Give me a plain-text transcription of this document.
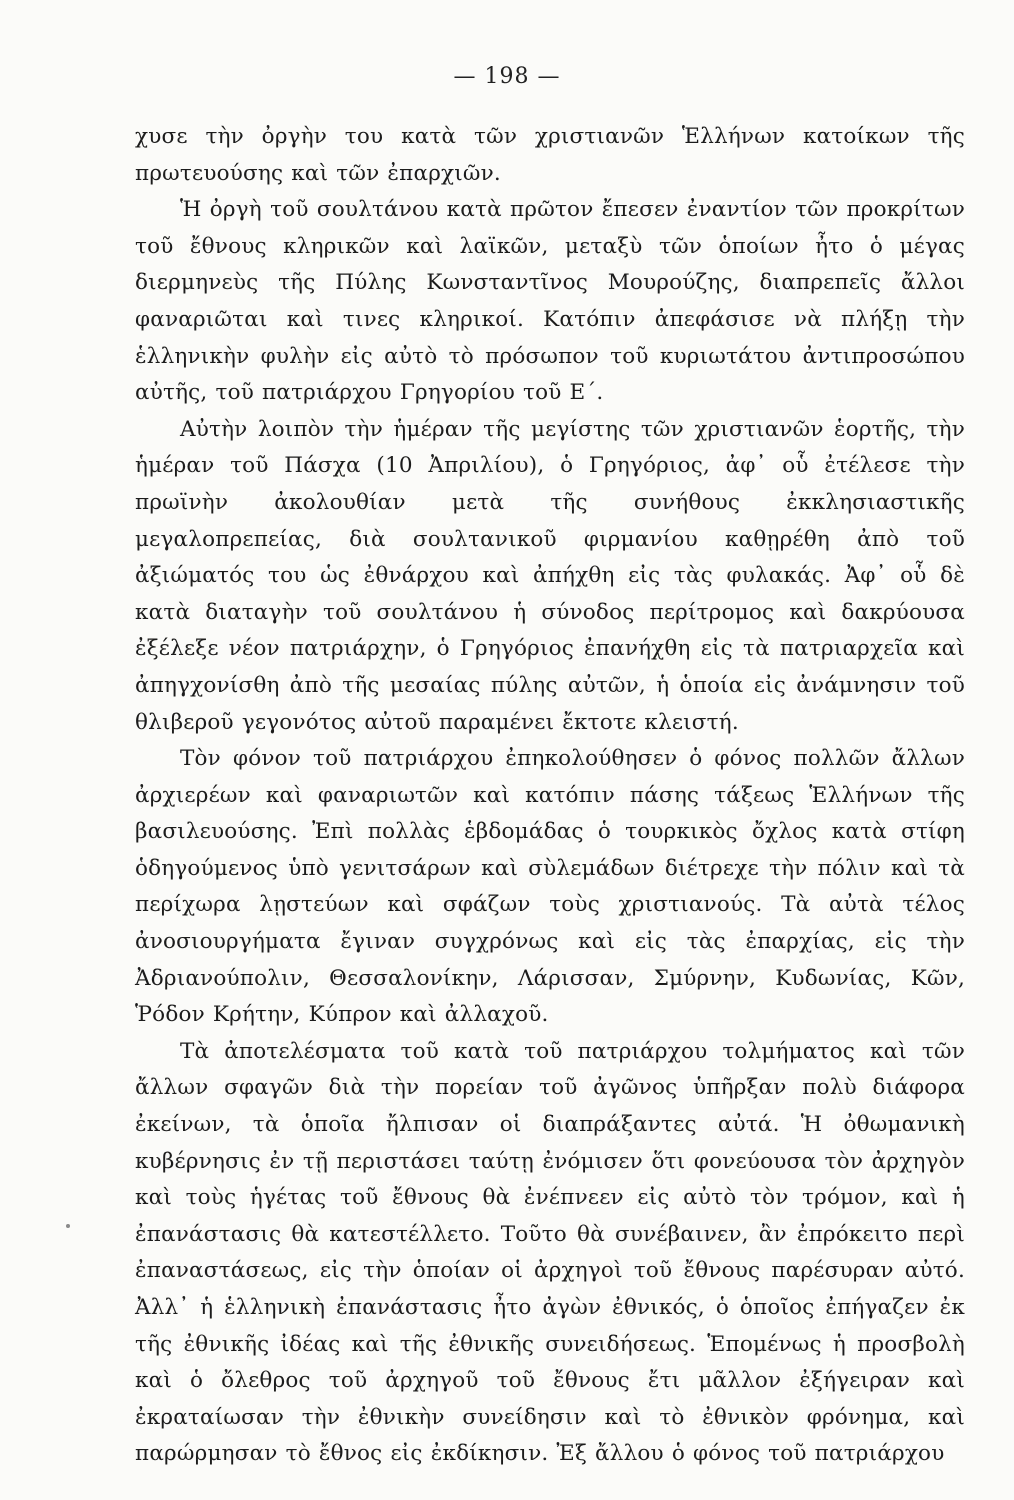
— 198 —

χυσε τὴν ὀργὴν του κατὰ τῶν χριστιανῶν Ἑλλήνων κατοίκων τῆς πρωτευούσης καὶ τῶν ἐπαρχιῶν.

Ἡ ὀργὴ τοῦ σουλτάνου κατὰ πρῶτον ἔπεσεν ἐναντίον τῶν προκρίτων τοῦ ἔθνους κληρικῶν καὶ λαϊκῶν, μεταξὺ τῶν ὁποίων ἦτο ὁ μέγας διερμηνεὺς τῆς Πύλης Κωνσταντῖνος Μουρούζης, διαπρεπεῖς ἄλλοι φαναριῶται καὶ τινες κληρικοί. Κατόπιν ἀπεφάσισε νὰ πλήξῃ τὴν ἑλληνικὴν φυλὴν εἰς αὐτὸ τὸ πρόσωπον τοῦ κυριωτάτου ἀντιπροσώπου αὐτῆς, τοῦ πατριάρχου Γρηγορίου τοῦ Ε΄.

Αὐτὴν λοιπὸν τὴν ἡμέραν τῆς μεγίστης τῶν χριστιανῶν ἑορτῆς, τὴν ἡμέραν τοῦ Πάσχα (10 Ἀπριλίου), ὁ Γρηγόριος, ἀφ᾽ οὗ ἐτέλεσε τὴν πρωϊνὴν ἀκολουθίαν μετὰ τῆς συνήθους ἐκκλησιαστικῆς μεγαλοπρεπείας, διὰ σουλτανικοῦ φιρμανίου καθῃρέθη ἀπὸ τοῦ ἀξιώματός του ὡς ἐθνάρχου καὶ ἀπήχθη εἰς τὰς φυλακάς. Ἀφ᾽ οὗ δὲ κατὰ διαταγὴν τοῦ σουλτάνου ἡ σύνοδος περίτρομος καὶ δακρύουσα ἐξέλεξε νέον πατριάρχην, ὁ Γρηγόριος ἐπανήχθη εἰς τὰ πατριαρχεῖα καὶ ἀπηγχονίσθη ἀπὸ τῆς μεσαίας πύλης αὐτῶν, ἡ ὁποία εἰς ἀνάμνησιν τοῦ θλιβεροῦ γεγονότος αὐτοῦ παραμένει ἔκτοτε κλειστή.

Τὸν φόνον τοῦ πατριάρχου ἐπηκολούθησεν ὁ φόνος πολλῶν ἄλλων ἀρχιερέων καὶ φαναριωτῶν καὶ κατόπιν πάσης τάξεως Ἑλλήνων τῆς βασιλευούσης. Ἐπὶ πολλὰς ἑβδομάδας ὁ τουρκικὸς ὄχλος κατὰ στίφη ὁδηγούμενος ὑπὸ γενιτσάρων καὶ σὺλεμάδων διέτρεχε τὴν πόλιν καὶ τὰ περίχωρα λῃστεύων καὶ σφάζων τοὺς χριστιανούς. Τὰ αὐτὰ τέλος ἀνοσιουργήματα ἔγιναν συγχρόνως καὶ εἰς τὰς ἐπαρχίας, εἰς τὴν Ἀδριανούπολιν, Θεσσαλονίκην, Λάρισσαν, Σμύρνην, Κυδωνίας, Κῶν, Ῥόδον Κρήτην, Κύπρον καὶ ἀλλαχοῦ.

Τὰ ἀποτελέσματα τοῦ κατὰ τοῦ πατριάρχου τολμήματος καὶ τῶν ἄλλων σφαγῶν διὰ τὴν πορείαν τοῦ ἀγῶνος ὑπῆρξαν πολὺ διάφορα ἐκείνων, τὰ ὁποῖα ἤλπισαν οἱ διαπράξαντες αὐτά. Ἡ ὀθωμανικὴ κυβέρνησις ἐν τῇ περιστάσει ταύτῃ ἐνόμισεν ὅτι φονεύουσα τὸν ἀρχηγὸν καὶ τοὺς ἡγέτας τοῦ ἔθνους θὰ ἐνέπνεεν εἰς αὐτὸ τὸν τρόμον, καὶ ἡ ἐπανάστασις θὰ κατεστέλλετο. Τοῦτο θὰ συνέβαινεν, ἂν ἐπρόκειτο περὶ ἐπαναστάσεως, εἰς τὴν ὁποίαν οἱ ἀρχηγοὶ τοῦ ἔθνους παρέσυραν αὐτό. Ἀλλ᾽ ἡ ἑλληνικὴ ἐπανάστασις ἦτο ἀγὼν ἐθνικός, ὁ ὁποῖος ἐπήγαζεν ἐκ τῆς ἐθνικῆς ἰδέας καὶ τῆς ἐθνικῆς συνειδήσεως. Ἑπομένως ἡ προσβολὴ καὶ ὁ ὄλεθρος τοῦ ἀρχηγοῦ τοῦ ἔθνους ἔτι μᾶλλον ἐξήγειραν καὶ ἐκραταίωσαν τὴν ἐθνικὴν συνείδησιν καὶ τὸ ἐθνικὸν φρόνημα, καὶ παρώρμησαν τὸ ἔθνος εἰς ἐκδίκησιν. Ἐξ ἄλλου ὁ φόνος τοῦ πατριάρχου
